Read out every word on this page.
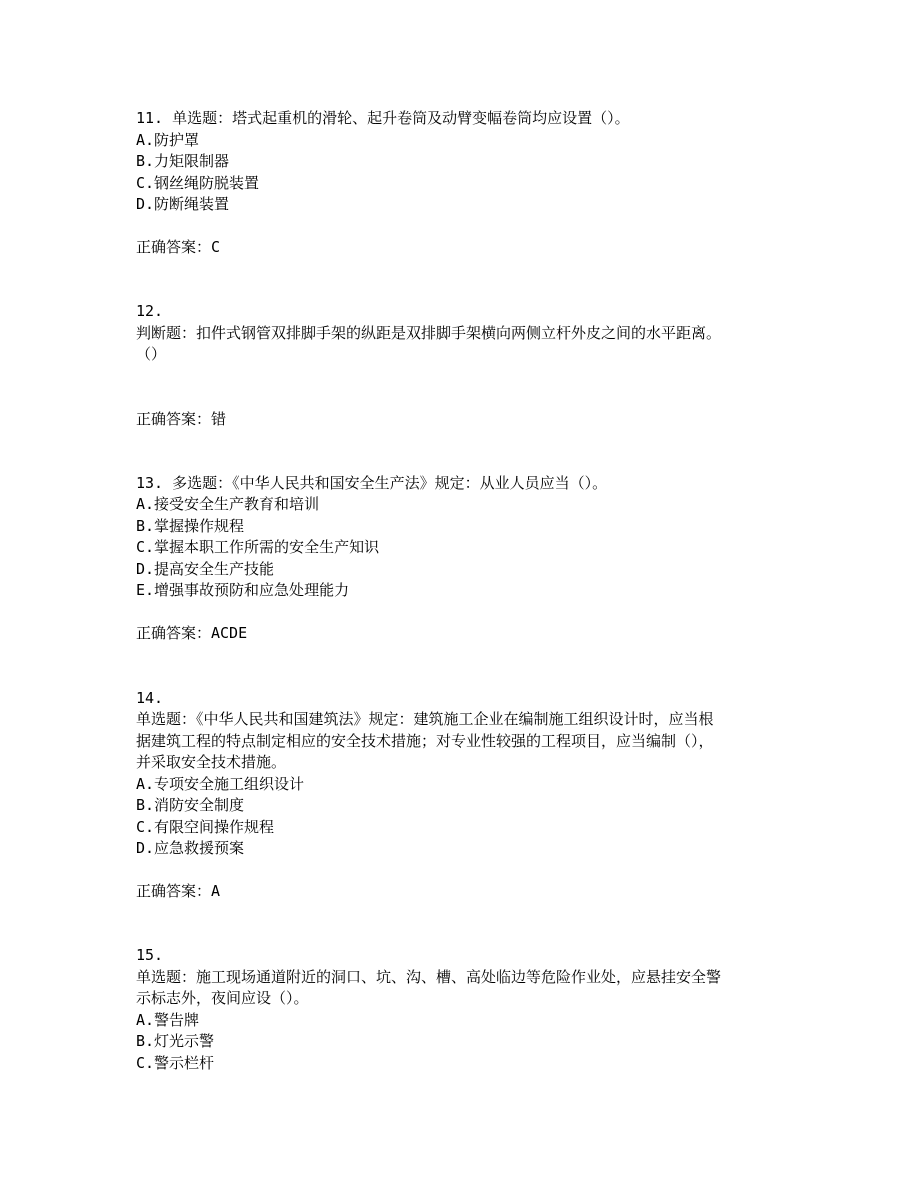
11. 单选题：塔式起重机的滑轮、起升卷筒及动臂变幅卷筒均应设置（）。
A.防护罩
B.力矩限制器
C.钢丝绳防脱装置
D.防断绳装置
正确答案：C
12.
判断题：扣件式钢管双排脚手架的纵距是双排脚手架横向两侧立杆外皮之间的水平距离。
（）
正确答案：错
13. 多选题：《中华人民共和国安全生产法》规定：从业人员应当（）。
A.接受安全生产教育和培训
B.掌握操作规程
C.掌握本职工作所需的安全生产知识
D.提高安全生产技能
E.增强事故预防和应急处理能力
正确答案：ACDE
14.
单选题：《中华人民共和国建筑法》规定：建筑施工企业在编制施工组织设计时，应当根
据建筑工程的特点制定相应的安全技术措施；对专业性较强的工程项目，应当编制（），
并采取安全技术措施。
A.专项安全施工组织设计
B.消防安全制度
C.有限空间操作规程
D.应急救援预案
正确答案：A
15.
单选题：施工现场通道附近的洞口、坑、沟、槽、高处临边等危险作业处，应悬挂安全警
示标志外，夜间应设（）。
A.警告牌
B.灯光示警
C.警示栏杆
